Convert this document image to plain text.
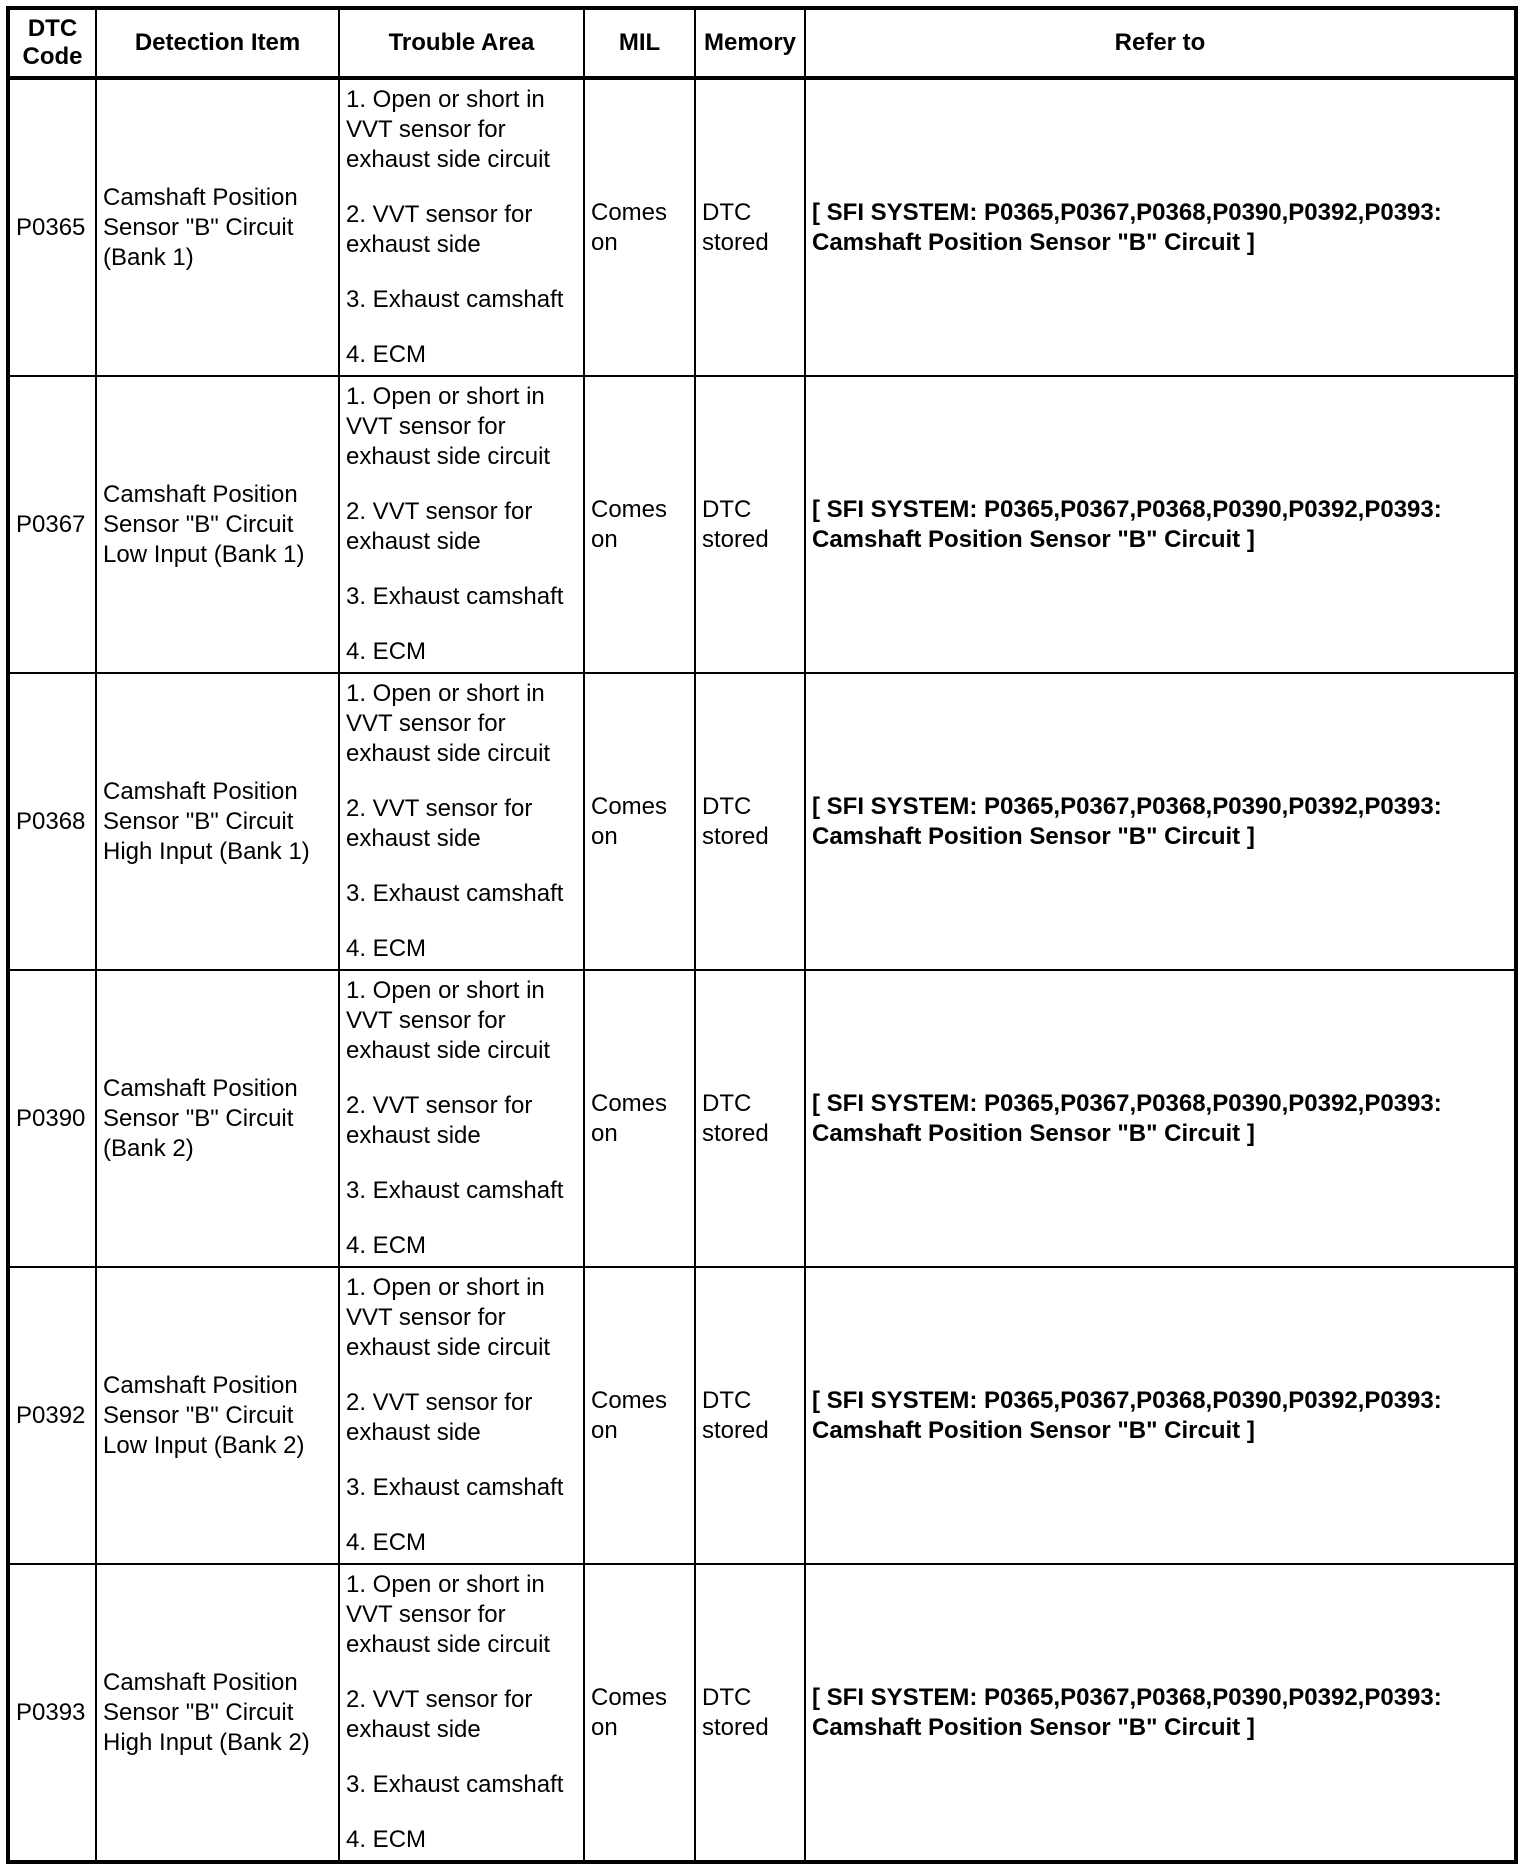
DTC Code	Detection Item	Trouble Area	MIL	Memory	Refer to
P0365	Camshaft Position Sensor "B" Circuit (Bank 1)	1. Open or short in VVT sensor for exhaust side circuit
2. VVT sensor for exhaust side
3. Exhaust camshaft
4. ECM	Comes on	DTC stored	[ SFI SYSTEM: P0365,P0367,P0368,P0390,P0392,P0393:
Camshaft Position Sensor "B" Circuit ]

P0367	Camshaft Position Sensor "B" Circuit Low Input (Bank 1)	1. Open or short in VVT sensor for exhaust side circuit
2. VVT sensor for exhaust side
3. Exhaust camshaft
4. ECM	Comes on	DTC stored	[ SFI SYSTEM: P0365,P0367,P0368,P0390,P0392,P0393:
Camshaft Position Sensor "B" Circuit ]

P0368	Camshaft Position Sensor "B" Circuit High Input (Bank 1)	1. Open or short in VVT sensor for exhaust side circuit
2. VVT sensor for exhaust side
3. Exhaust camshaft
4. ECM	Comes on	DTC stored	[ SFI SYSTEM: P0365,P0367,P0368,P0390,P0392,P0393:
Camshaft Position Sensor "B" Circuit ]

P0390	Camshaft Position Sensor "B" Circuit (Bank 2)	1. Open or short in VVT sensor for exhaust side circuit
2. VVT sensor for exhaust side
3. Exhaust camshaft
4. ECM	Comes on	DTC stored	[ SFI SYSTEM: P0365,P0367,P0368,P0390,P0392,P0393:
Camshaft Position Sensor "B" Circuit ]

P0392	Camshaft Position Sensor "B" Circuit Low Input (Bank 2)	1. Open or short in VVT sensor for exhaust side circuit
2. VVT sensor for exhaust side
3. Exhaust camshaft
4. ECM	Comes on	DTC stored	[ SFI SYSTEM: P0365,P0367,P0368,P0390,P0392,P0393:
Camshaft Position Sensor "B" Circuit ]

P0393	Camshaft Position Sensor "B" Circuit High Input (Bank 2)	1. Open or short in VVT sensor for exhaust side circuit
2. VVT sensor for exhaust side
3. Exhaust camshaft
4. ECM	Comes on	DTC stored	[ SFI SYSTEM: P0365,P0367,P0368,P0390,P0392,P0393:
Camshaft Position Sensor "B" Circuit ]
